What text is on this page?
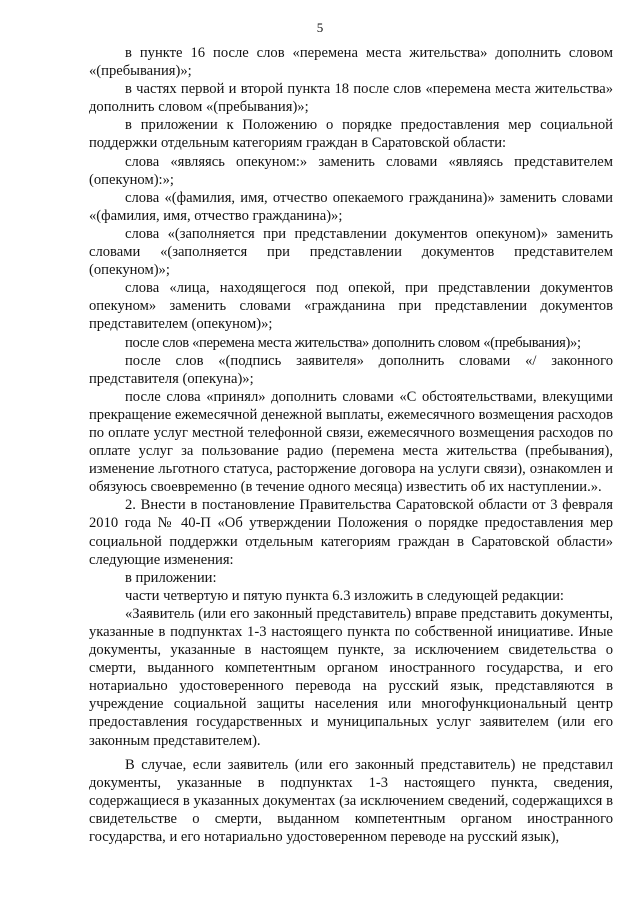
5

в пункте 16 после слов «перемена места жительства» дополнить словом «(пребывания)»;

в частях первой и второй пункта 18 после слов «перемена места жительства» дополнить словом «(пребывания)»;

в приложении к Положению о порядке предоставления мер социальной поддержки отдельным категориям граждан в Саратовской области:

слова «являясь опекуном:» заменить словами «являясь представителем (опекуном):»;

слова «(фамилия, имя, отчество опекаемого гражданина)» заменить словами «(фамилия, имя, отчество гражданина)»;

слова «(заполняется при представлении документов опекуном)» заменить словами «(заполняется при представлении документов представителем (опекуном)»;

слова «лица, находящегося под опекой, при представлении документов опекуном» заменить словами «гражданина при представлении документов представителем (опекуном)»;

после слов «перемена места жительства» дополнить словом «(пребывания)»;

после слов «(подпись заявителя» дополнить словами «/ законного представителя (опекуна)»;

после слова «принял» дополнить словами «С обстоятельствами, влекущими прекращение ежемесячной денежной выплаты, ежемесячного возмещения расходов по оплате услуг местной телефонной связи, ежемесячного возмещения расходов по оплате услуг за пользование радио (перемена места жительства (пребывания), изменение льготного статуса, расторжение договора на услуги связи), ознакомлен и обязуюсь своевременно (в течение одного месяца) известить об их наступлении.».

2. Внести в постановление Правительства Саратовской области от 3 февраля 2010 года № 40-П «Об утверждении Положения о порядке предоставления мер социальной поддержки отдельным категориям граждан в Саратовской области» следующие изменения:

в приложении:

части четвертую и пятую пункта 6.3 изложить в следующей редакции:

«Заявитель (или его законный представитель) вправе представить документы, указанные в подпунктах 1-3 настоящего пункта по собственной инициативе. Иные документы, указанные в настоящем пункте, за исключением свидетельства о смерти, выданного компетентным органом иностранного государства, и его нотариально удостоверенного перевода на русский язык, представляются в учреждение социальной защиты населения или многофункциональный центр предоставления государственных и муниципальных услуг заявителем (или его законным представителем).

В случае, если заявитель (или его законный представитель) не представил документы, указанные в подпунктах 1-3 настоящего пункта, сведения, содержащиеся в указанных документах (за исключением сведений, содержащихся в свидетельстве о смерти, выданном компетентным органом иностранного государства, и его нотариально удостоверенном переводе на русский язык),
